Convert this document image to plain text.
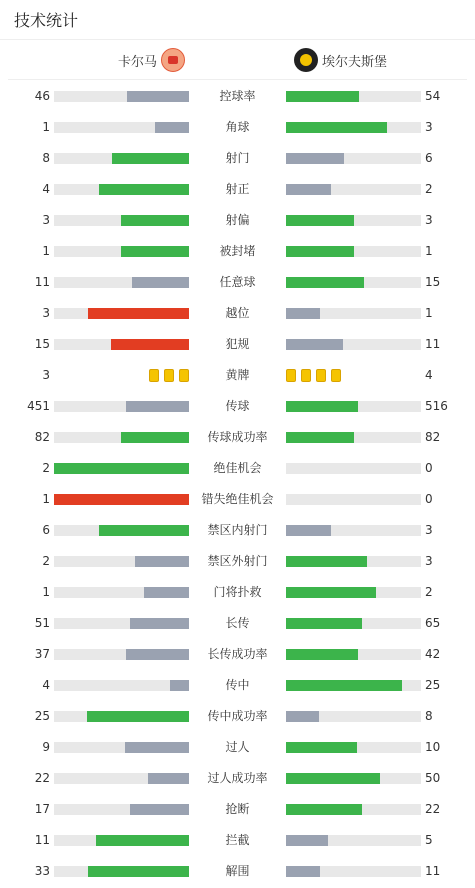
技术统计
卡尔马	埃尔夫斯堡
46	控球率	54
1	角球	3
8	射门	6
4	射正	2
3	射偏	3
1	被封堵	1
11	任意球	15
3	越位	1
15	犯规	11
3	黄牌	4
451	传球	516
82	传球成功率	82
2	绝佳机会	0
1	错失绝佳机会	0
6	禁区内射门	3
2	禁区外射门	3
1	门将扑救	2
51	长传	65
37	长传成功率	42
4	传中	25
25	传中成功率	8
9	过人	10
22	过人成功率	50
17	抢断	22
11	拦截	5
33	解围	11
